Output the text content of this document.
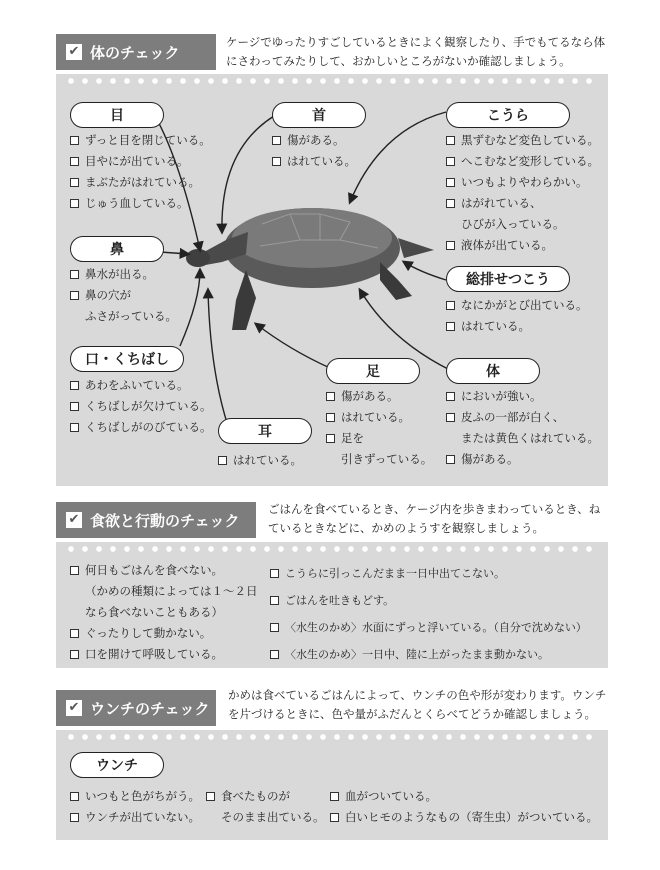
✔ 体のチェック
ケージでゆったりすごしているときによく観察したり、手でもてるなら体にさわってみたりして、おかしいところがないか確認しましょう。
目
ずっと目を閉じている。
目やにが出ている。
まぶたがはれている。
じゅう血している。
首
傷がある。
はれている。
こうら
黒ずむなど変色している。
へこむなど変形している。
いつもよりやわらかい。
はがれている、
ひびが入っている。
液体が出ている。
鼻
鼻水が出る。
鼻の穴が
ふさがっている。
総排せつこう
なにかがとび出ている。
はれている。
口・くちばし
あわをふいている。
くちばしが欠けている。
くちばしがのびている。
足
傷がある。
はれている。
足を
引きずっている。
体
においが強い。
皮ふの一部が白く、
または黄色くはれている。
傷がある。
耳
はれている。
✔ 食欲と行動のチェック
ごはんを食べているとき、ケージ内を歩きまわっているとき、ねているときなどに、かめのようすを観察しましょう。
何日もごはんを食べない。
（かめの種類によっては１〜２日
なら食べないこともある）
ぐったりして動かない。
口を開けて呼吸している。
こうらに引っこんだまま一日中出てこない。
ごはんを吐きもどす。
〈水生のかめ〉水面にずっと浮いている。（自分で沈めない）
〈水生のかめ〉一日中、陸に上がったまま動かない。
✔ ウンチのチェック
かめは食べているごはんによって、ウンチの色や形が変わります。ウンチを片づけるときに、色や量がふだんとくらべてどうか確認しましょう。
ウンチ
いつもと色がちがう。
ウンチが出ていない。
食べたものが
そのまま出ている。
血がついている。
白いヒモのようなもの（寄生虫）がついている。
